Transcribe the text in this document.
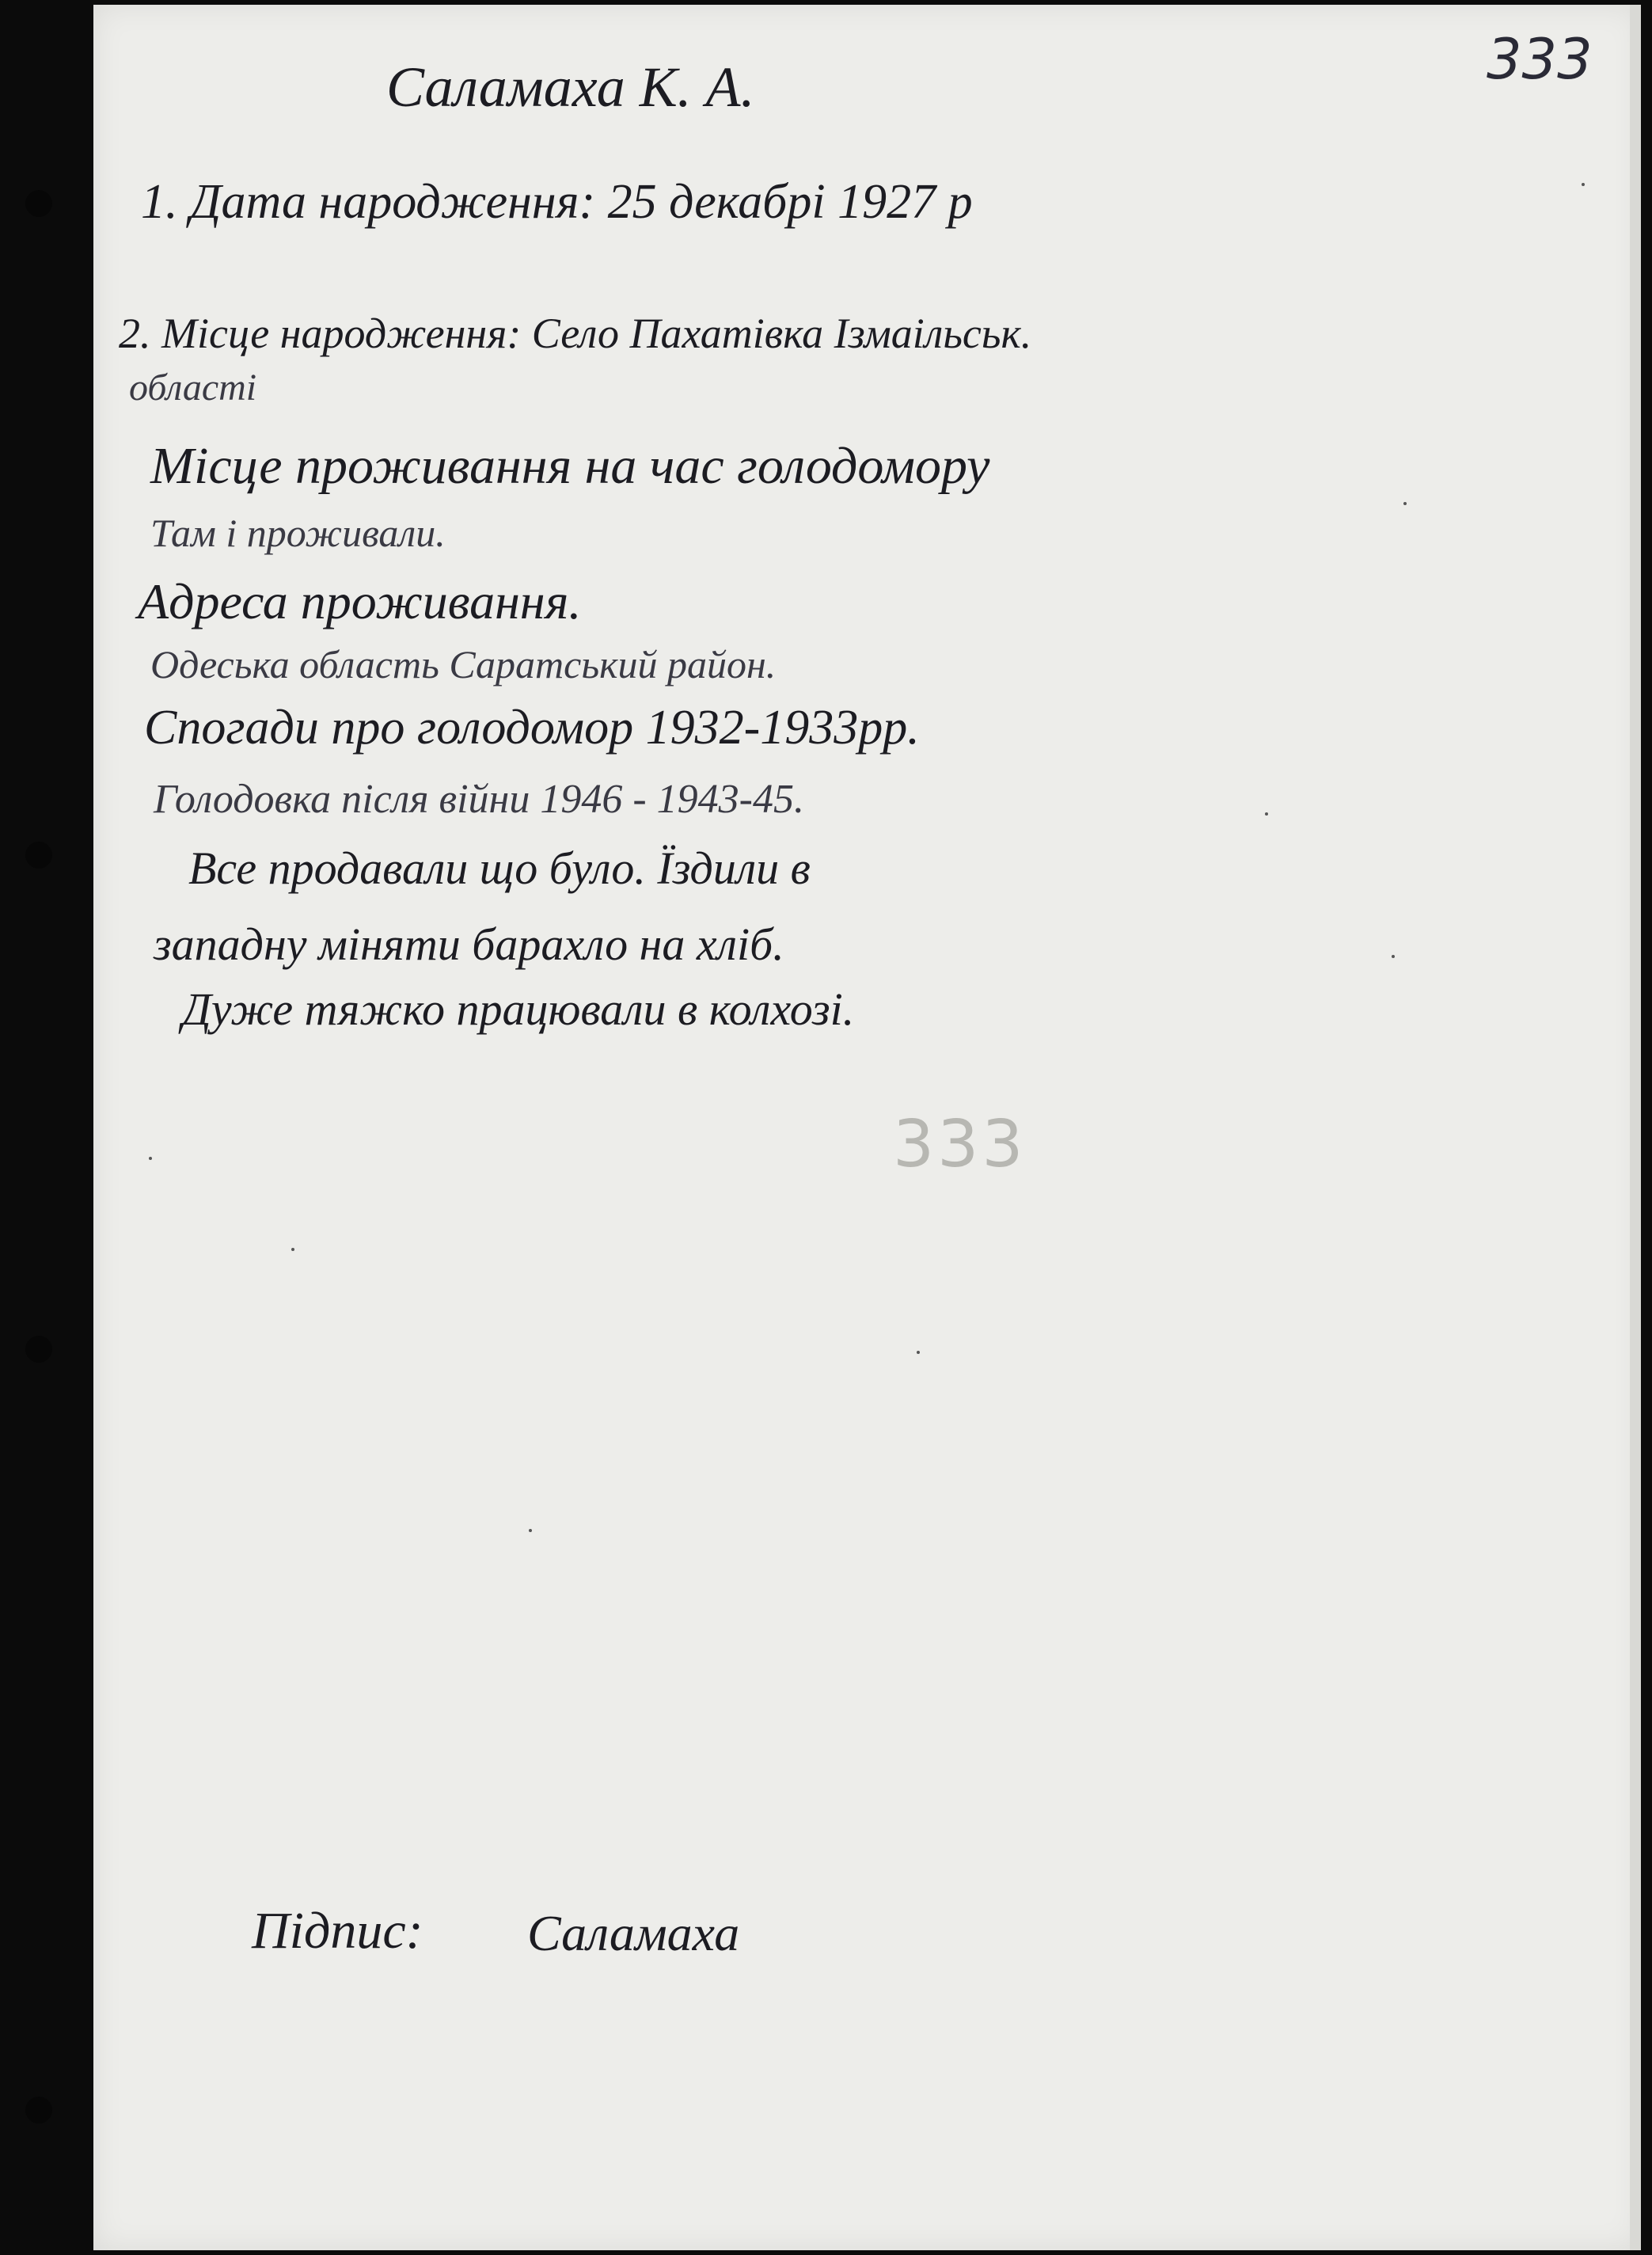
333

Саламаха К. А.

1. Дата народження: 25 декабрі 1927 р

2. Місце народження: Село Пахатівка Ізмаільськ.

області

Місце проживання на час голодомору

Там і проживали.

Адреса проживання.

Одеська область Саратський район.

Спогади про голодомор 1932-1933рр.

Голодовка після війни 1946 - 1943-45.

Все продавали що було. Їздили в

западну міняти барахло на хліб.

Дуже тяжко працювали в колхозі.

333

Підпис: Саламаха
